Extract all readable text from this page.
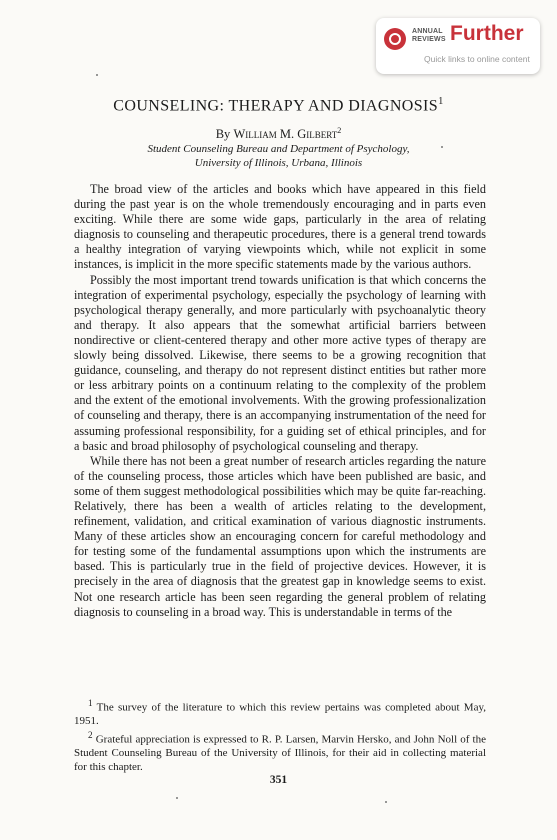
ANNUAL
REVIEWS Further
Quick links to online content
COUNSELING: THERAPY AND DIAGNOSIS$^1$
By William M. Gilbert$^2$
Student Counseling Bureau and Department of Psychology,
University of Illinois, Urbana, Illinois

The broad view of the articles and books which have appeared in this field during the past year is on the whole tremendously encouraging and in parts even exciting. While there are some wide gaps, particularly in the area of relating diagnosis to counseling and therapeutic procedures, there is a general trend towards a healthy integration of varying viewpoints which, while not explicit in some instances, is implicit in the more specific statements made by the various authors.

Possibly the most important trend towards unification is that which concerns the integration of experimental psychology, especially the psychology of learning with psychological therapy generally, and more particularly with psychoanalytic theory and therapy. It also appears that the somewhat artificial barriers between nondirective or client-centered therapy and other more active types of therapy are slowly being dissolved. Likewise, there seems to be a growing recognition that guidance, counseling, and therapy do not represent distinct entities but rather more or less arbitrary points on a continuum relating to the complexity of the problem and the extent of the emotional involvements. With the growing professionalization of counseling and therapy, there is an accompanying instrumentation of the need for assuming professional responsibility, for a guiding set of ethical principles, and for a basic and broad philosophy of psychological counseling and therapy.

While there has not been a great number of research articles regarding the nature of the counseling process, those articles which have been published are basic, and some of them suggest methodological possibilities which may be quite far-reaching. Relatively, there has been a wealth of articles relating to the development, refinement, validation, and critical examination of various diagnostic instruments. Many of these articles show an encouraging concern for careful methodology and for testing some of the fundamental assumptions upon which the instruments are based. This is particularly true in the field of projective devices. However, it is precisely in the area of diagnosis that the greatest gap in knowledge seems to exist. Not one research article has been seen regarding the general problem of relating diagnosis to counseling in a broad way. This is understandable in terms of the

$^1$ The survey of the literature to which this review pertains was completed about May, 1951.

$^2$ Grateful appreciation is expressed to R. P. Larsen, Marvin Hersko, and John Noll of the Student Counseling Bureau of the University of Illinois, for their aid in collecting material for this chapter.

351
